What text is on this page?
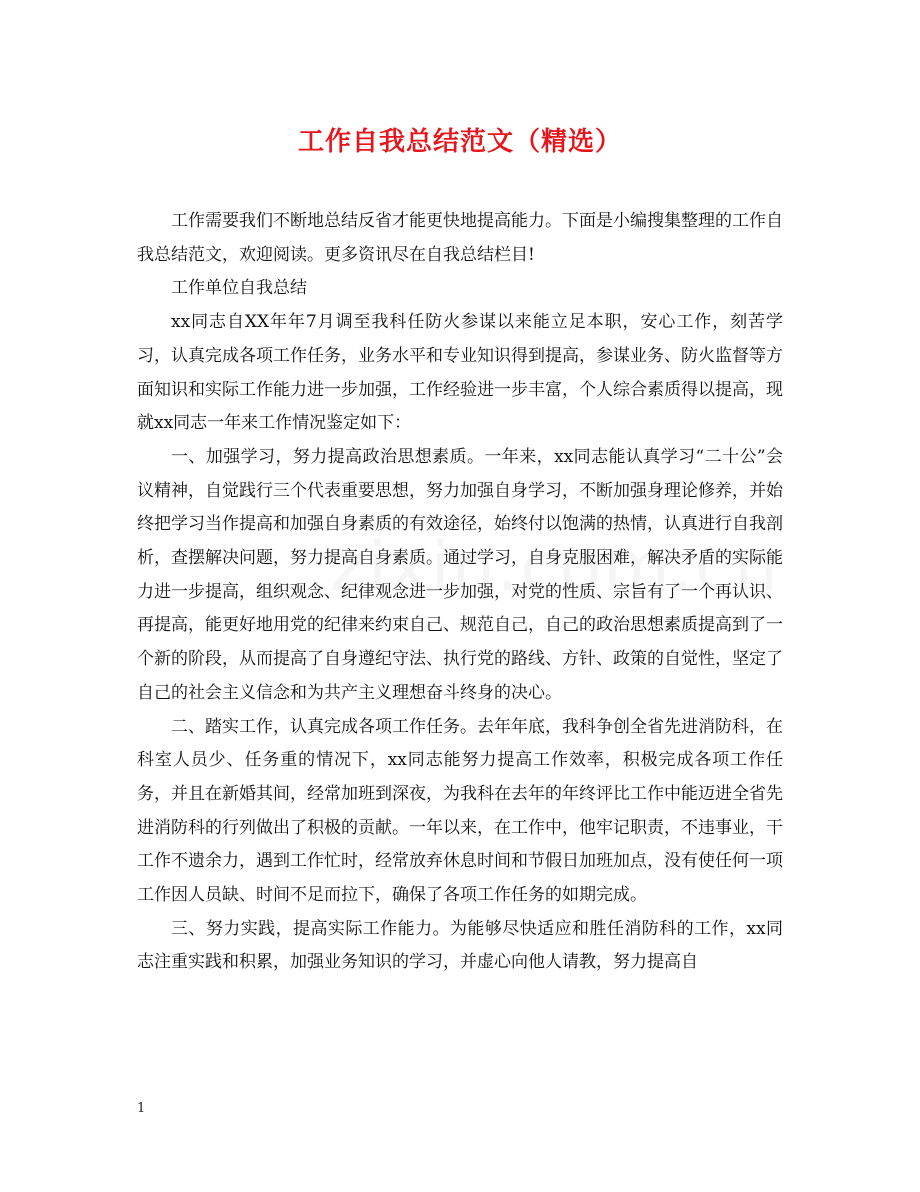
工作自我总结范文（精选）

工作需要我们不断地总结反省才能更快地提高能力。下面是小编搜集整理的工作自我总结范文，欢迎阅读。更多资讯尽在自我总结栏目!

工作单位自我总结

xx同志自XX年年7月调至我科任防火参谋以来能立足本职，安心工作，刻苦学习，认真完成各项工作任务，业务水平和专业知识得到提高，参谋业务、防火监督等方面知识和实际工作能力进一步加强，工作经验进一步丰富，个人综合素质得以提高，现就xx同志一年来工作情况鉴定如下：

一、加强学习，努力提高政治思想素质。一年来，xx同志能认真学习“二十公”会议精神，自觉践行三个代表重要思想，努力加强自身学习，不断加强身理论修养，并始终把学习当作提高和加强自身素质的有效途径，始终付以饱满的热情，认真进行自我剖析，查摆解决问题，努力提高自身素质。通过学习，自身克服困难，解决矛盾的实际能力进一步提高，组织观念、纪律观念进一步加强，对党的性质、宗旨有了一个再认识、再提高，能更好地用党的纪律来约束自己、规范自己，自己的政治思想素质提高到了一个新的阶段，从而提高了自身遵纪守法、执行党的路线、方针、政策的自觉性，坚定了自己的社会主义信念和为共产主义理想奋斗终身的决心。

二、踏实工作，认真完成各项工作任务。去年年底，我科争创全省先进消防科，在科室人员少、任务重的情况下，xx同志能努力提高工作效率，积极完成各项工作任务，并且在新婚其间，经常加班到深夜，为我科在去年的年终评比工作中能迈进全省先进消防科的行列做出了积极的贡献。一年以来，在工作中，他牢记职责，不违事业，干工作不遗余力，遇到工作忙时，经常放弃休息时间和节假日加班加点，没有使任何一项工作因人员缺、时间不足而拉下，确保了各项工作任务的如期完成。

三、努力实践，提高实际工作能力。为能够尽快适应和胜任消防科的工作，xx同志注重实践和积累，加强业务知识的学习，并虚心向他人请教，努力提高自

1
